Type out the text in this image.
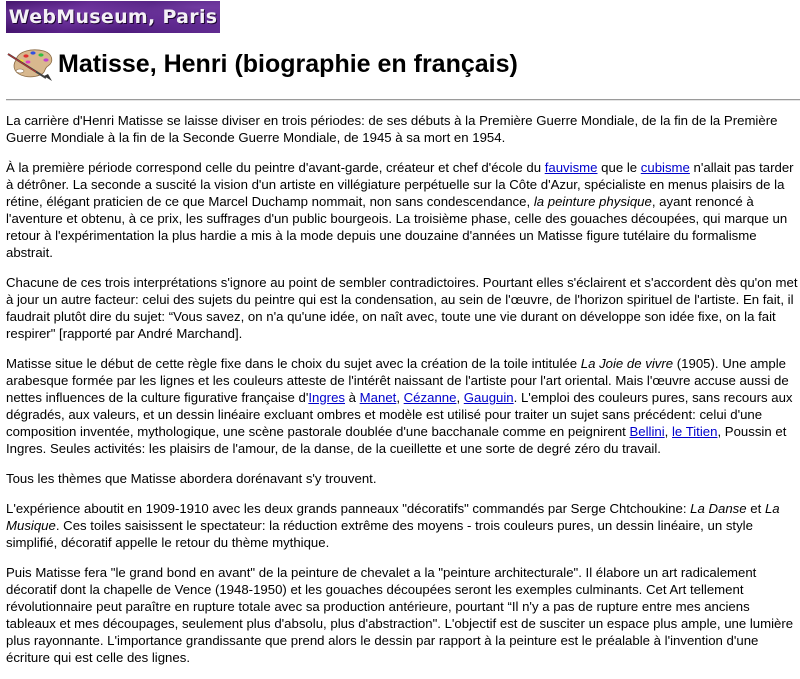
WebMuseum, Paris
Matisse, Henri (biographie en français)

La carrière d'Henri Matisse se laisse diviser en trois périodes: de ses débuts à la Première Guerre Mondiale, de la fin de la Première Guerre Mondiale à la fin de la Seconde Guerre Mondiale, de 1945 à sa mort en 1954.

À la première période correspond celle du peintre d'avant-garde, créateur et chef d'école du fauvisme que le cubisme n'allait pas tarder à détrôner. La seconde a suscité la vision d'un artiste en villégiature perpétuelle sur la Côte d'Azur, spécialiste en menus plaisirs de la rétine, élégant praticien de ce que Marcel Duchamp nommait, non sans condescendance, la peinture physique, ayant renoncé à l'aventure et obtenu, à ce prix, les suffrages d'un public bourgeois. La troisième phase, celle des gouaches découpées, qui marque un retour à l'expérimentation la plus hardie a mis à la mode depuis une douzaine d'années un Matisse figure tutélaire du formalisme abstrait.

Chacune de ces trois interprétations s'ignore au point de sembler contradictoires. Pourtant elles s'éclairent et s'accordent dès qu'on met à jour un autre facteur: celui des sujets du peintre qui est la condensation, au sein de l'œuvre, de l'horizon spirituel de l'artiste. En fait, il faudrait plutôt dire du sujet: “Vous savez, on n'a qu'une idée, on naît avec, toute une vie durant on développe son idée fixe, on la fait respirer" [rapporté par André Marchand].

Matisse situe le début de cette règle fixe dans le choix du sujet avec la création de la toile intitulée La Joie de vivre (1905). Une ample arabesque formée par les lignes et les couleurs atteste de l'intérêt naissant de l'artiste pour l'art oriental. Mais l'œuvre accuse aussi de nettes influences de la culture figurative française d'Ingres à Manet, Cézanne, Gauguin. L'emploi des couleurs pures, sans recours aux dégradés, aux valeurs, et un dessin linéaire excluant ombres et modèle est utilisé pour traiter un sujet sans précédent: celui d'une composition inventée, mythologique, une scène pastorale doublée d'une bacchanale comme en peignirent Bellini, le Titien, Poussin et Ingres. Seules activités: les plaisirs de l'amour, de la danse, de la cueillette et une sorte de degré zéro du travail.

Tous les thèmes que Matisse abordera dorénavant s'y trouvent.

L'expérience aboutit en 1909-1910 avec les deux grands panneaux "décoratifs" commandés par Serge Chtchoukine: La Danse et La Musique. Ces toiles saisissent le spectateur: la réduction extrême des moyens - trois couleurs pures, un dessin linéaire, un style simplifié, décoratif appelle le retour du thème mythique.

Puis Matisse fera "le grand bond en avant" de la peinture de chevalet a la "peinture architecturale". Il élabore un art radicalement décoratif dont la chapelle de Vence (1948-1950) et les gouaches découpées seront les exemples culminants. Cet Art tellement révolutionnaire peut paraître en rupture totale avec sa production antérieure, pourtant “Il n'y a pas de rupture entre mes anciens tableaux et mes découpages, seulement plus d'absolu, plus d'abstraction". L'objectif est de susciter un espace plus ample, une lumière plus rayonnante. L'importance grandissante que prend alors le dessin par rapport à la peinture est le préalable à l'invention d'une écriture qui est celle des lignes.
